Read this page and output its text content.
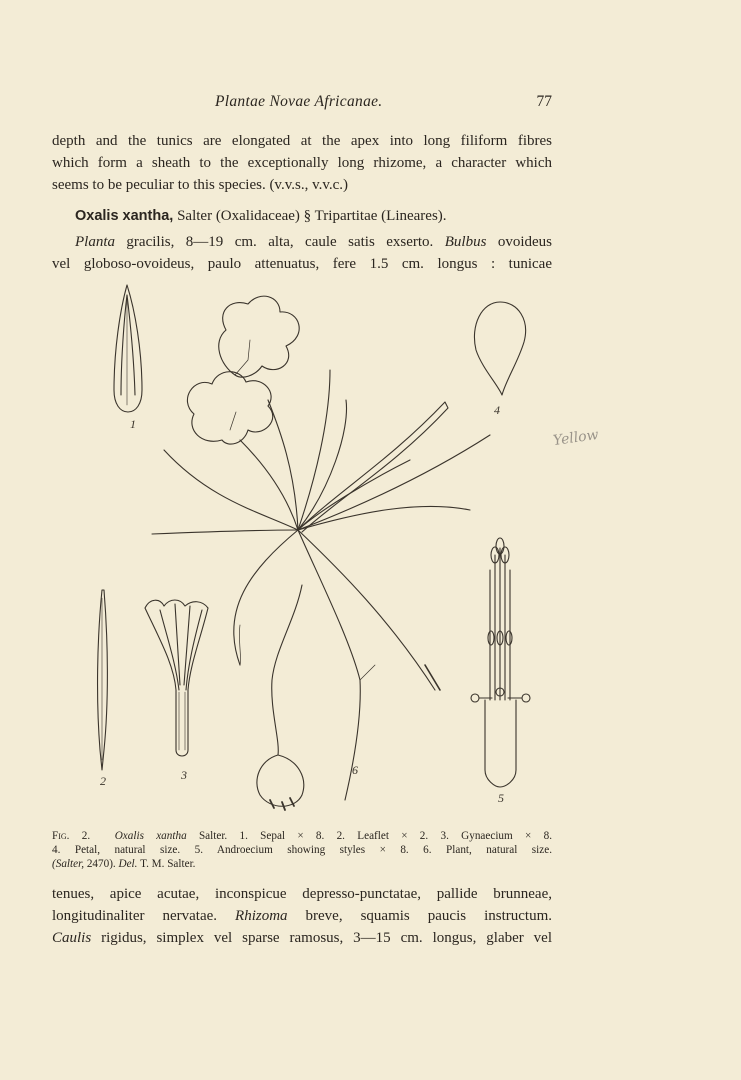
Plantae Novae Africanae.	77
depth and the tunics are elongated at the apex into long filiform fibres
which form a sheath to the exceptionally long rhizome, a character which
seems to be peculiar to this species. (v.v.s., v.v.c.)
Oxalis xantha, Salter (Oxalidaceae) § Tripartitae (Lineares).
Planta gracilis, 8—19 cm. alta, caule satis exserto. Bulbus ovoideus
vel globoso-ovoideus, paulo attenuatus, fere 1.5 cm. longus : tunicae
1
4
2	3
5
6
Yellow
Fig. 2. Oxalis xantha Salter. 1. Sepal × 8. 2. Leaflet × 2. 3. Gynaecium × 8.
4. Petal, natural size. 5. Androecium showing styles × 8. 6. Plant, natural size.
(Salter, 2470). Del. T. M. Salter.
tenues, apice acutae, inconspicue depresso-punctatae, pallide brunneae,
longitudinaliter nervatae. Rhizoma breve, squamis paucis instructum.
Caulis rigidus, simplex vel sparse ramosus, 3—15 cm. longus, glaber vel
